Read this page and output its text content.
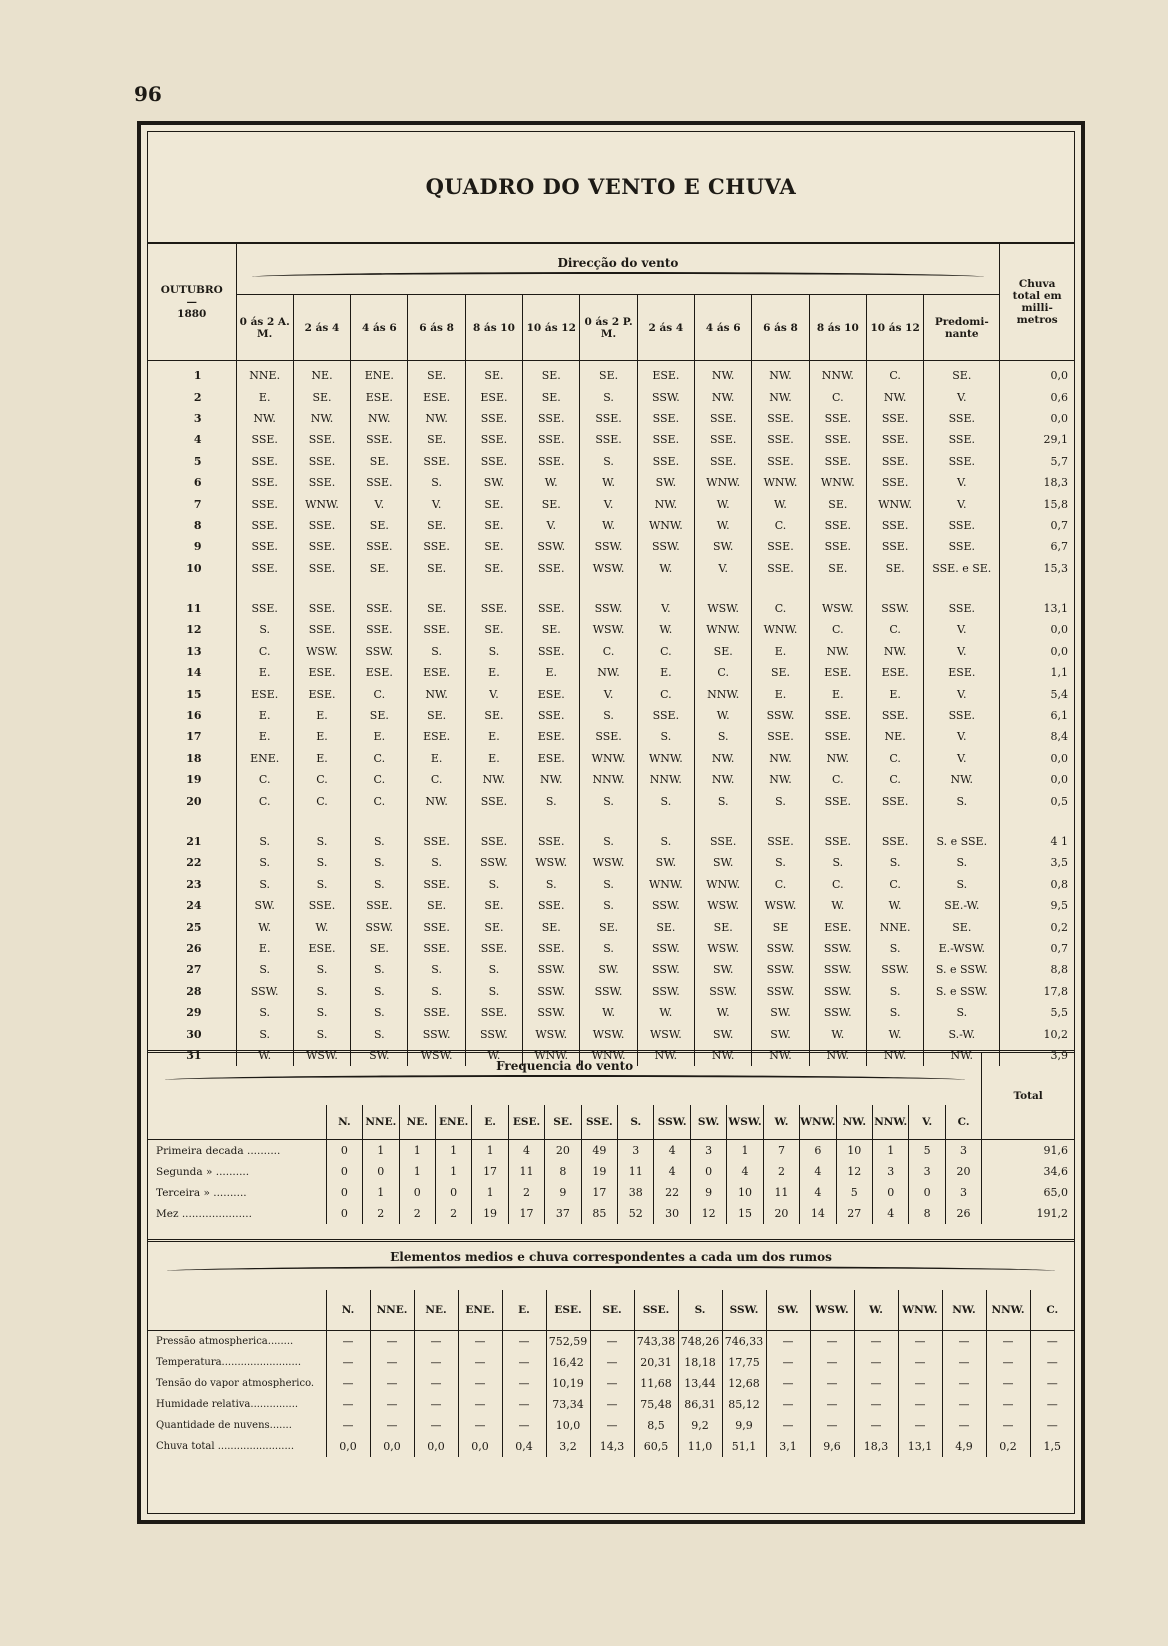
96
QUADRO DO VENTO E CHUVA
OUTUBRO
—
1880	Direcção do vento													Chuva total em milli- metros
	0 ás 2 A. M.	2 ás 4	4 ás 6	6 ás 8	8 ás 10	10 ás 12	0 ás 2 P. M.	2 ás 4	4 ás 6	6 ás 8	8 ás 10	10 ás 12	Predomi- nante	
1	NNE.	NE.	ENE.	SE.	SE.	SE.	SE.	ESE.	NW.	NW.	NNW.	C.	SE.	0,0
2	E.	SE.	ESE.	ESE.	ESE.	SE.	S.	SSW.	NW.	NW.	C.	NW.	V.	0,6
3	NW.	NW.	NW.	NW.	SSE.	SSE.	SSE.	SSE.	SSE.	SSE.	SSE.	SSE.	SSE.	0,0
4	SSE.	SSE.	SSE.	SE.	SSE.	SSE.	SSE.	SSE.	SSE.	SSE.	SSE.	SSE.	SSE.	29,1
5	SSE.	SSE.	SE.	SSE.	SSE.	SSE.	S.	SSE.	SSE.	SSE.	SSE.	SSE.	SSE.	5,7
6	SSE.	SSE.	SSE.	S.	SW.	W.	W.	SW.	WNW.	WNW.	WNW.	SSE.	V.	18,3
7	SSE.	WNW.	V.	V.	SE.	SE.	V.	NW.	W.	W.	SE.	WNW.	V.	15,8
8	SSE.	SSE.	SE.	SE.	SE.	V.	W.	WNW.	W.	C.	SSE.	SSE.	SSE.	0,7
9	SSE.	SSE.	SSE.	SSE.	SE.	SSW.	SSW.	SSW.	SW.	SSE.	SSE.	SSE.	SSE.	6,7
10	SSE.	SSE.	SE.	SE.	SE.	SSE.	WSW.	W.	V.	SSE.	SE.	SE.	SSE. e SE.	15,3

11	SSE.	SSE.	SSE.	SE.	SSE.	SSE.	SSW.	V.	WSW.	C.	WSW.	SSW.	SSE.	13,1
12	S.	SSE.	SSE.	SSE.	SE.	SE.	WSW.	W.	WNW.	WNW.	C.	C.	V.	0,0
13	C.	WSW.	SSW.	S.	S.	SSE.	C.	C.	SE.	E.	NW.	NW.	V.	0,0
14	E.	ESE.	ESE.	ESE.	E.	E.	NW.	E.	C.	SE.	ESE.	ESE.	ESE.	1,1
15	ESE.	ESE.	C.	NW.	V.	ESE.	V.	C.	NNW.	E.	E.	E.	V.	5,4
16	E.	E.	SE.	SE.	SE.	SSE.	S.	SSE.	W.	SSW.	SSE.	SSE.	SSE.	6,1
17	E.	E.	E.	ESE.	E.	ESE.	SSE.	S.	S.	SSE.	SSE.	NE.	V.	8,4
18	ENE.	E.	C.	E.	E.	ESE.	WNW.	WNW.	NW.	NW.	NW.	C.	V.	0,0
19	C.	C.	C.	C.	NW.	NW.	NNW.	NNW.	NW.	NW.	C.	C.	NW.	0,0
20	C.	C.	C.	NW.	SSE.	S.	S.	S.	S.	S.	SSE.	SSE.	S.	0,5

21	S.	S.	S.	SSE.	SSE.	SSE.	S.	S.	SSE.	SSE.	SSE.	SSE.	S. e SSE.	4 1
22	S.	S.	S.	S.	SSW.	WSW.	WSW.	SW.	SW.	S.	S.	S.	S.	3,5
23	S.	S.	S.	SSE.	S.	S.	S.	WNW.	WNW.	C.	C.	C.	S.	0,8
24	SW.	SSE.	SSE.	SE.	SE.	SSE.	S.	SSW.	WSW.	WSW.	W.	W.	SE.-W.	9,5
25	W.	W.	SSW.	SSE.	SE.	SE.	SE.	SE.	SE.	SE	ESE.	NNE.	SE.	0,2
26	E.	ESE.	SE.	SSE.	SSE.	SSE.	S.	SSW.	WSW.	SSW.	SSW.	S.	E.-WSW.	0,7
27	S.	S.	S.	S.	S.	SSW.	SW.	SSW.	SW.	SSW.	SSW.	SSW.	S. e SSW.	8,8
28	SSW.	S.	S.	S.	S.	SSW.	SSW.	SSW.	SSW.	SSW.	SSW.	S.	S. e SSW.	17,8
29	S.	S.	S.	SSE.	SSE.	SSW.	W.	W.	W.	SW.	SSW.	S.	S.	5,5
30	S.	S.	S.	SSW.	SSW.	WSW.	WSW.	WSW.	SW.	SW.	W.	W.	S.-W.	10,2
31	W.	WSW.	SW.	WSW.	W.	WNW.	WNW.	NW.	NW.	NW.	NW.	NW.	NW.	3,9
Frequencia do vento																			Total
	N.	NNE.	NE.	ENE.	E.	ESE.	SE.	SSE.	S.	SSW.	SW.	WSW.	W.	WNW.	NW.	NNW.	V.	C.	
Primeira decada ..........	0	1	1	1	1	4	20	49	3	4	3	1	7	6	10	1	5	3	91,6
Segunda » ..........	0	0	1	1	17	11	8	19	11	4	0	4	2	4	12	3	3	20	34,6
Terceira » ..........	0	1	0	0	1	2	9	17	38	22	9	10	11	4	5	0	0	3	65,0
Mez .....................	0	2	2	2	19	17	37	85	52	30	12	15	20	14	27	4	8	26	191,2
Elementos medios e chuva correspondentes a cada um dos rumos																	

	N.	NNE.	NE.	ENE.	E.	ESE.	SE.	SSE.	S.	SSW.	SW.	WSW.	W.	WNW.	NW.	NNW.	C.
Pressão atmospherica........	—	—	—	—	—	752,59	—	743,38	748,26	746,33	—	—	—	—	—	—	—
Temperatura.........................	—	—	—	—	—	16,42	—	20,31	18,18	17,75	—	—	—	—	—	—	—
Tensão do vapor atmospherico.	—	—	—	—	—	10,19	—	11,68	13,44	12,68	—	—	—	—	—	—	—
Humidade relativa...............	—	—	—	—	—	73,34	—	75,48	86,31	85,12	—	—	—	—	—	—	—
Quantidade de nuvens.......	—	—	—	—	—	10,0	—	8,5	9,2	9,9	—	—	—	—	—	—	—
Chuva total ........................	0,0	0,0	0,0	0,0	0,4	3,2	14,3	60,5	11,0	51,1	3,1	9,6	18,3	13,1	4,9	0,2	1,5
